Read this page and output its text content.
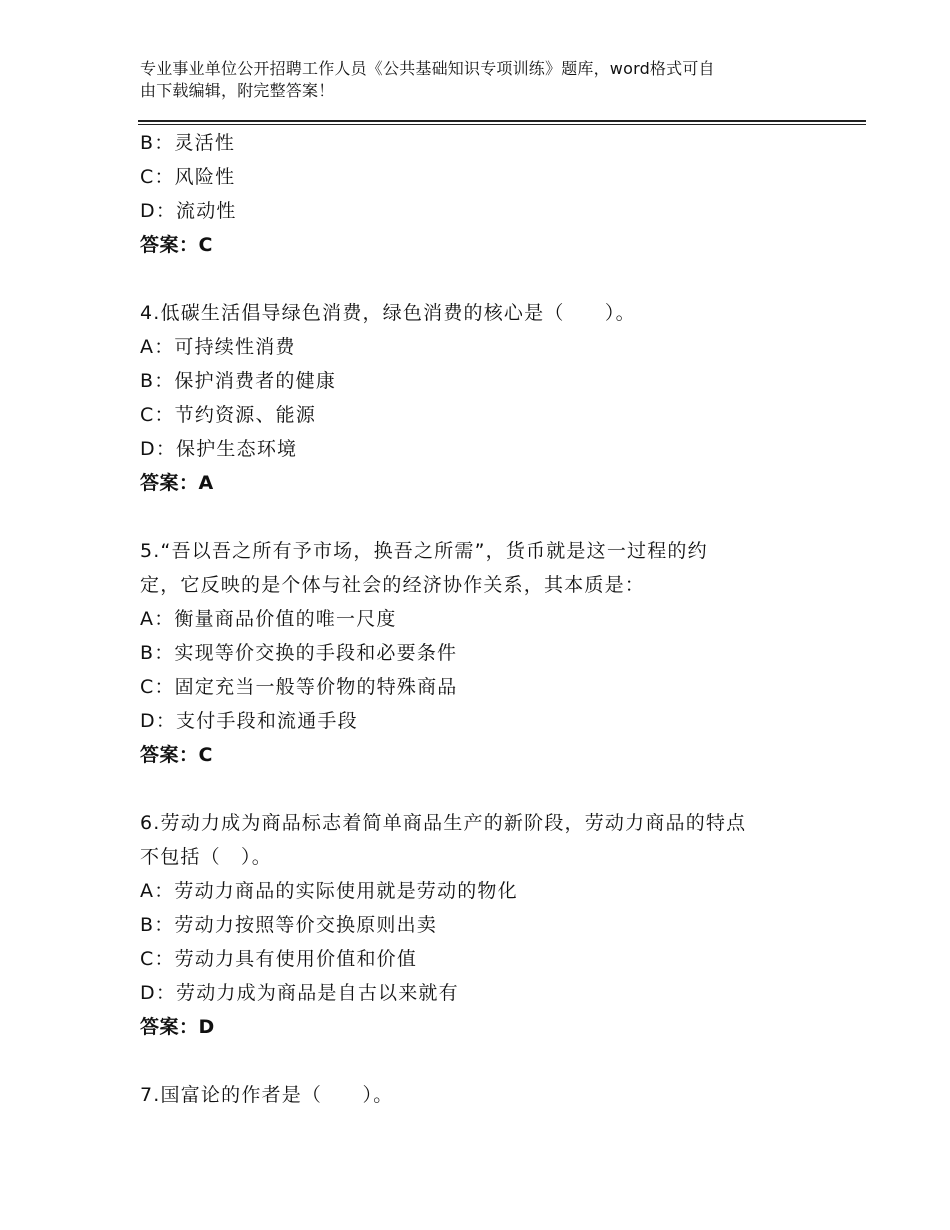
专业事业单位公开招聘工作人员《公共基础知识专项训练》题库，word格式可自
由下载编辑，附完整答案！
B：灵活性
C：风险性
D：流动性
答案：C
4.低碳生活倡导绿色消费，绿色消费的核心是（　　）。
A：可持续性消费
B：保护消费者的健康
C：节约资源、能源
D：保护生态环境
答案：A
5.“吾以吾之所有予市场，换吾之所需”，货币就是这一过程的约
定，它反映的是个体与社会的经济协作关系，其本质是：
A：衡量商品价值的唯一尺度
B：实现等价交换的手段和必要条件
C：固定充当一般等价物的特殊商品
D：支付手段和流通手段
答案：C
6.劳动力成为商品标志着简单商品生产的新阶段，劳动力商品的特点
不包括（　）。
A：劳动力商品的实际使用就是劳动的物化
B：劳动力按照等价交换原则出卖
C：劳动力具有使用价值和价值
D：劳动力成为商品是自古以来就有
答案：D
7.国富论的作者是（　　）。
